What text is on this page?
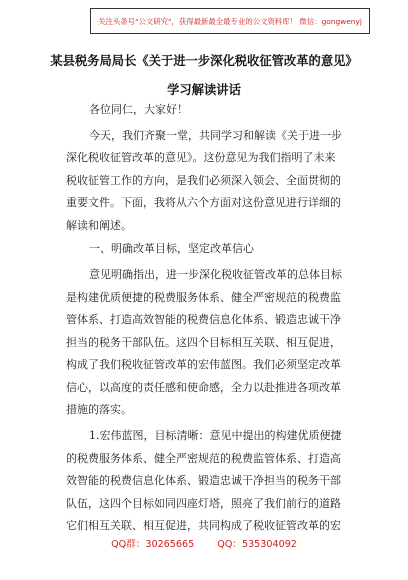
关注头条号"公文研究"，获得最新最全最专业的公文资料库！ 微信：gongwenyj
某县税务局局长《关于进一步深化税收征管改革的意见》
学习解读讲话
各位同仁，大家好！
今天，我们齐聚一堂，共同学习和解读《关于进一步
深化税收征管改革的意见》。这份意见为我们指明了未来
税收征管工作的方向，是我们必须深入领会、全面贯彻的
重要文件。下面，我将从六个方面对这份意见进行详细的
解读和阐述。
一、明确改革目标，坚定改革信心
意见明确指出，进一步深化税收征管改革的总体目标
是构建优质便捷的税费服务体系、健全严密规范的税费监
管体系、打造高效智能的税费信息化体系、锻造忠诚干净
担当的税务干部队伍。这四个目标相互关联、相互促进，
构成了我们税收征管改革的宏伟蓝图。我们必须坚定改革
信心，以高度的责任感和使命感，全力以赴推进各项改革
措施的落实。
1.宏伟蓝图，目标清晰：意见中提出的构建优质便捷
的税费服务体系、健全严密规范的税费监管体系、打造高
效智能的税费信息化体系、锻造忠诚干净担当的税务干部
队伍，这四个目标如同四座灯塔，照亮了我们前行的道路
它们相互关联、相互促进，共同构成了税收征管改革的宏
QQ群：30265665 QQ：535304092
